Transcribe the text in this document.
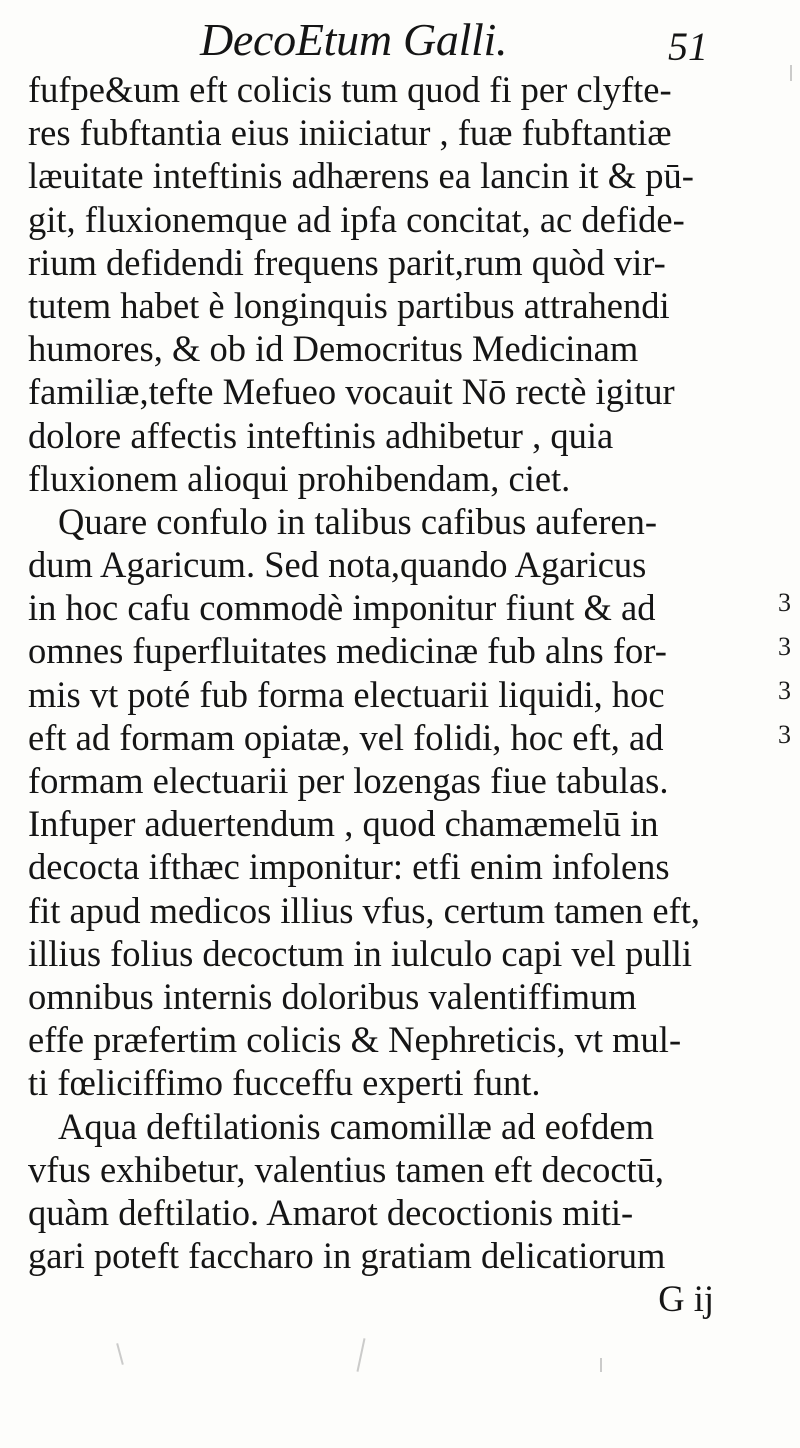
DecoEtum Galli.	51
fufpe&um eft colicis tum quod fi per clyfte-
res fubftantia eius iniiciatur , fuæ fubftantiæ
læuitate inteftinis adhærens ea lancin it & pū-
git, fluxionemque ad ipfa concitat, ac defide-
rium defidendi frequens parit,rum quòd vir-
tutem habet è longinquis partibus attrahendi
humores, & ob id Democritus Medicinam
familiæ,tefte Mefueo vocauit Nō rectè igitur
dolore affectis inteftinis adhibetur , quia
fluxionem alioqui prohibendam, ciet.
Quare confulo in talibus cafibus auferen-
dum Agaricum. Sed nota,quando Agaricus
in hoc cafu commodè imponitur fiunt & ad
omnes fuperfluitates medicinæ fub alns for-
mis vt poté fub forma electuarii liquidi, hoc
eft ad formam opiatæ, vel folidi, hoc eft, ad
formam electuarii per lozengas fiue tabulas.
Infuper aduertendum , quod chamæmelū in
decocta ifthæc imponitur: etfi enim infolens
fit apud medicos illius vfus, certum tamen eft,
illius folius decoctum in iulculo capi vel pulli
omnibus internis doloribus valentiffimum
effe præfertim colicis & Nephreticis, vt mul-
ti fœliciffimo fucceffu experti funt.
Aqua deftilationis camomillæ ad eofdem
vfus exhibetur, valentius tamen eft decoctū,
quàm deftilatio. Amarot decoctionis miti-
gari poteft faccharo in gratiam delicatiorum
G ij
3
3
3
3
